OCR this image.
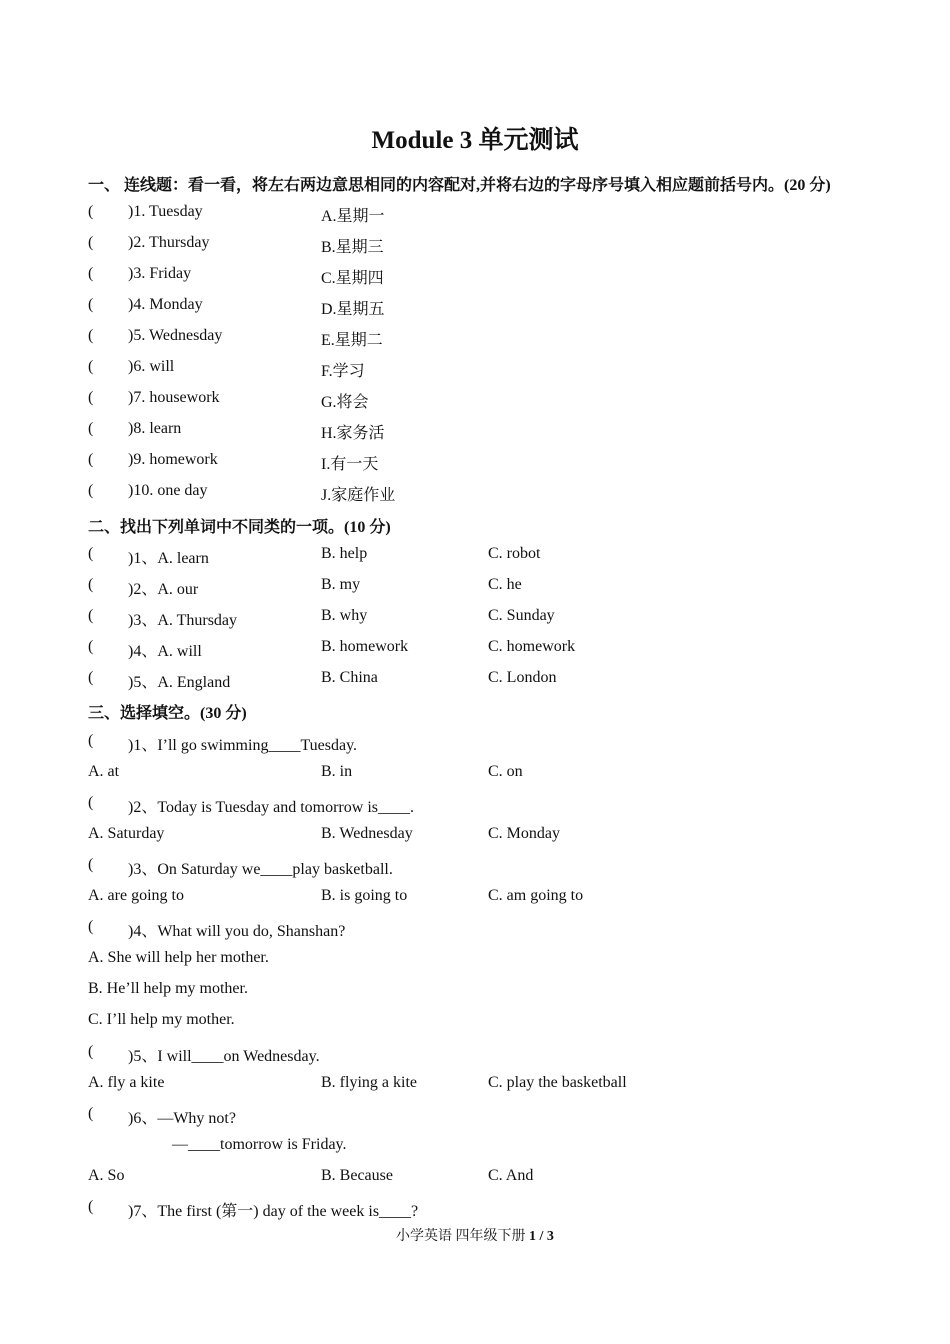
Module 3 单元测试
一、 连线题：看一看，将左右两边意思相同的内容配对,并将右边的字母序号填入相应题前括号内。(20 分)
( )1. Tuesday	A.星期一
( )2. Thursday	B.星期三
( )3. Friday	C.星期四
( )4. Monday	D.星期五
( )5. Wednesday	E.星期二
( )6. will	F.学习
( )7. housework	G.将会
( )8. learn	H.家务活
( )9. homework	I.有一天
( )10. one day	J.家庭作业
二、找出下列单词中不同类的一项。(10 分)
( )1、A. learn	B. help	C. robot
( )2、A. our	B. my	C. he
( )3、A. Thursday	B. why	C. Sunday
( )4、A. will	B. homework	C. homework
( )5、A. England	B. China	C. London
三、选择填空。(30 分)
( )1、I’ll go swimming____Tuesday.
A. at	B. in	C. on
( )2、Today is Tuesday and tomorrow is____.
A. Saturday	B. Wednesday	C. Monday
( )3、On Saturday we____play basketball.
A. are going to	B. is going to	C. am going to
( )4、What will you do, Shanshan?
A. She will help her mother.
B. He’ll help my mother.
C. I’ll help my mother.
( )5、I will____on Wednesday.
A. fly a kite	B. flying a kite	C. play the basketball
( )6、—Why not?
—____tomorrow is Friday.
A. So	B. Because	C. And
( )7、The first (第一) day of the week is____?
小学英语 四年级下册 1 / 3
